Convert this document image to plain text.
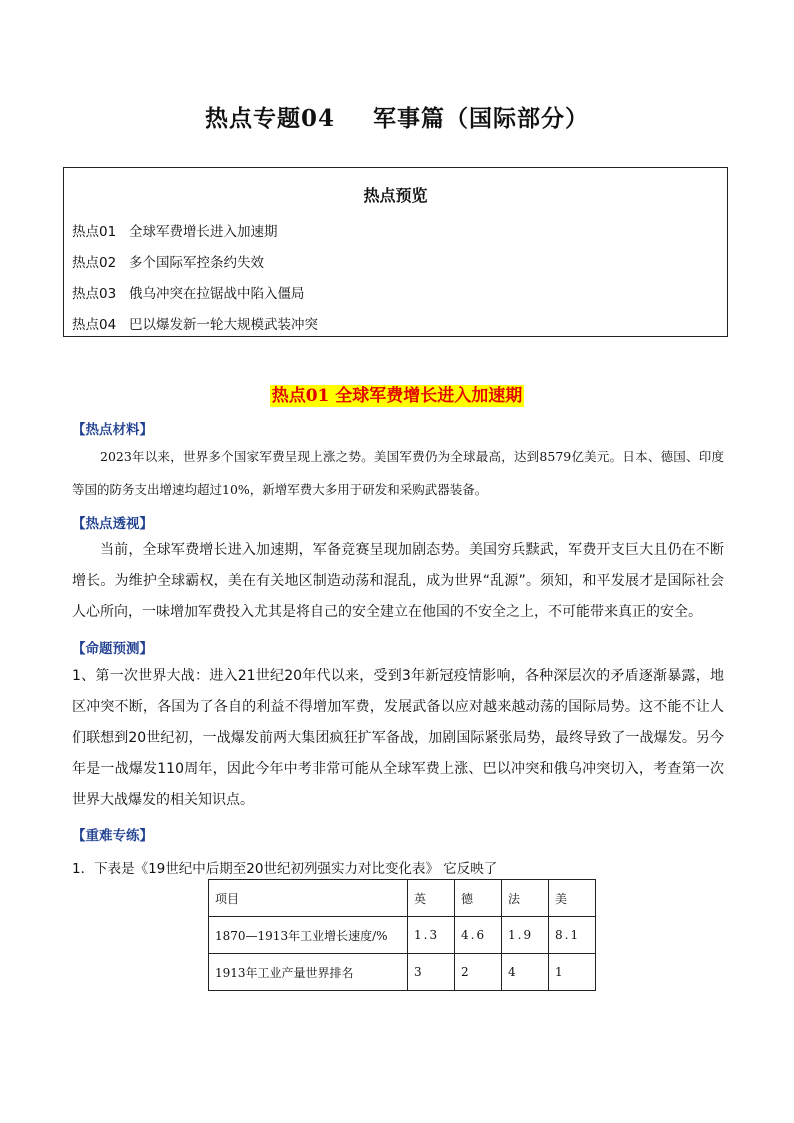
热点专题04 军事篇（国际部分）
热点预览
热点01 全球军费增长进入加速期
热点02 多个国际军控条约失效
热点03 俄乌冲突在拉锯战中陷入僵局
热点04 巴以爆发新一轮大规模武装冲突
热点01 全球军费增长进入加速期
【热点材料】

2023年以来，世界多个国家军费呈现上涨之势。美国军费仍为全球最高，达到8579亿美元。日本、德国、印度等国的防务支出增速均超过10%，新增军费大多用于研发和采购武器装备。

【热点透视】

当前，全球军费增长进入加速期，军备竞赛呈现加剧态势。美国穷兵黩武，军费开支巨大且仍在不断增长。为维护全球霸权，美在有关地区制造动荡和混乱，成为世界“乱源”。须知，和平发展才是国际社会人心所向，一味增加军费投入尤其是将自己的安全建立在他国的不安全之上，不可能带来真正的安全。

【命题预测】

1、第一次世界大战：进入21世纪20年代以来，受到3年新冠疫情影响，各种深层次的矛盾逐渐暴露，地区冲突不断，各国为了各自的利益不得增加军费，发展武备以应对越来越动荡的国际局势。这不能不让人们联想到20世纪初，一战爆发前两大集团疯狂扩军备战，加剧国际紧张局势，最终导致了一战爆发。另今年是一战爆发110周年，因此今年中考非常可能从全球军费上涨、巴以冲突和俄乌冲突切入，考查第一次世界大战爆发的相关知识点。

【重难专练】
1．下表是《19世纪中后期至20世纪初列强实力对比变化表》 它反映了
项目	英	德	法	美
1870—1913年工业增长速度/%	1.3	4.6	1.9	8.1
1913年工业产量世界排名	3	2	4	1
